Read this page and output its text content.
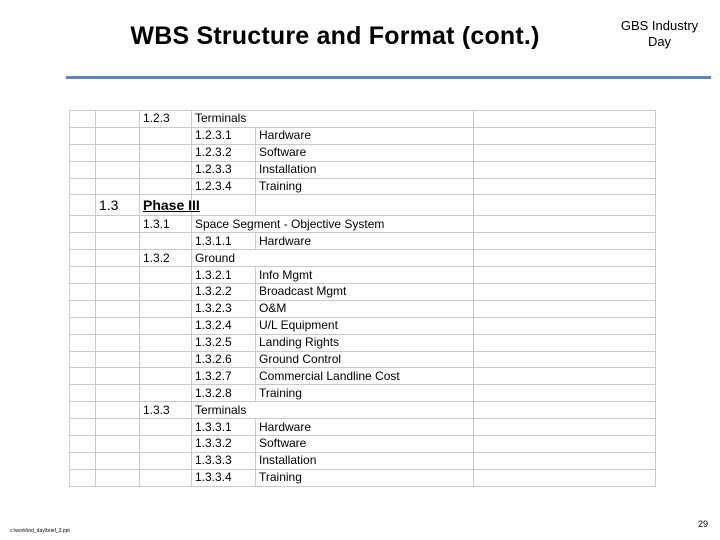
WBS Structure and Format (cont.)	GBS Industry
Day
		1.2.3	Terminals		
			1.2.3.1	Hardware	
			1.2.3.2	Software	
			1.2.3.3	Installation	
			1.2.3.4	Training	
	1.3	Phase III			
		1.3.1	Space Segment - Objective System		
			1.3.1.1	Hardware	
		1.3.2	Ground		
			1.3.2.1	Info Mgmt	
			1.3.2.2	Broadcast Mgmt	
			1.3.2.3	O&M	
			1.3.2.4	U/L Equipment	
			1.3.2.5	Landing Rights	
			1.3.2.6	Ground Control	
			1.3.2.7	Commercial Landline Cost	
			1.3.2.8	Training	
		1.3.3	Terminals		
			1.3.3.1	Hardware	
			1.3.3.2	Software	
			1.3.3.3	Installation	
			1.3.3.4	Training	
c:\work\ind_day\brief_3.ppt
29
